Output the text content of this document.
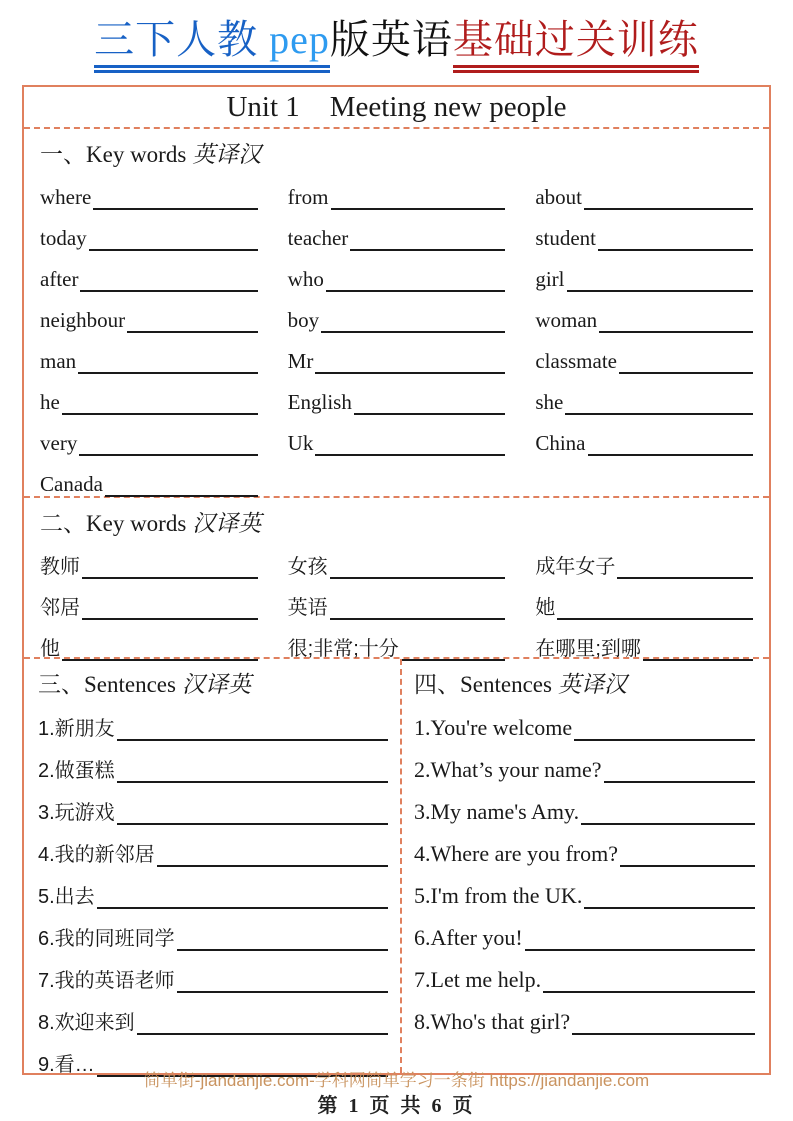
三下人教 pep版英语基础过关训练
Unit 1 Meeting new people
一、Key words 英译汉
where	from	about
today	teacher	student
after	who	girl
neighbour	boy	woman
man	Mr	classmate
he	English	she
very	Uk	China
Canada
二、Key words 汉译英
教师	女孩	成年女子
邻居	英语	她
他	很;非常;十分	在哪里;到哪
三、Sentences 汉译英
1.新朋友
2.做蛋糕
3.玩游戏
4.我的新邻居
5.出去
6.我的同班同学
7.我的英语老师
8.欢迎来到
9.看…
四、Sentences 英译汉
1.You're welcome
2.What’s your name?
3.My name's Amy.
4.Where are you from?
5.I'm from the UK.
6.After you!
7.Let me help.
8.Who's that girl?
简单街-jiandanjie.com-学科网简单学习一条街 https://jiandanjie.com
第 1 页 共 6 页
